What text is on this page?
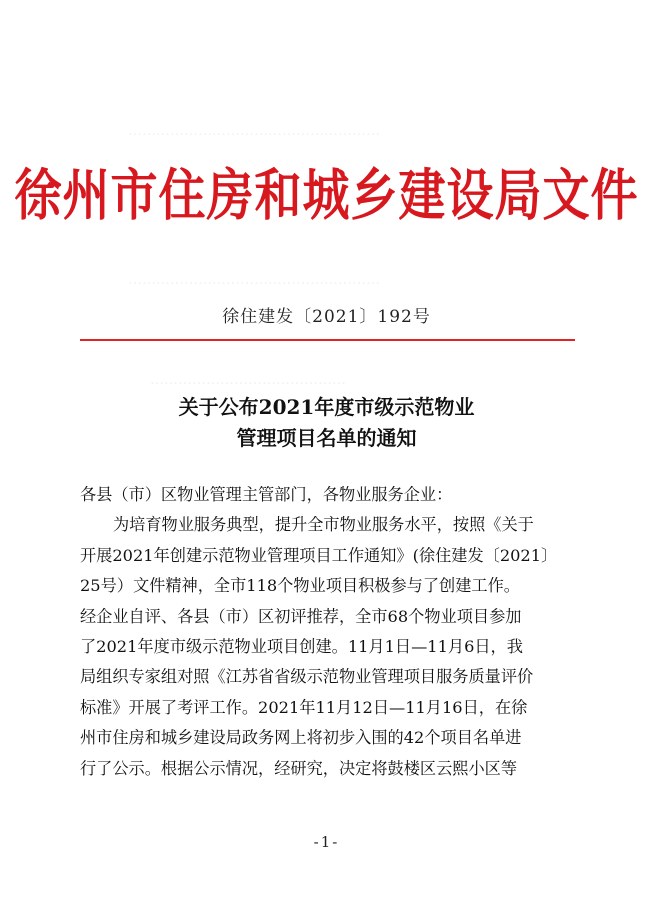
………………………………………………
………………………………………………
……………………………………
徐州市住房和城乡建设局文件
徐住建发〔2021〕192号
关于公布2021年度市级示范物业
管理项目名单的通知

各县（市）区物业管理主管部门，各物业服务企业：

为培育物业服务典型，提升全市物业服务水平，按照《关于

开展2021年创建示范物业管理项目工作通知》(徐住建发〔2021〕

25号）文件精神，全市118个物业项目积极参与了创建工作。

经企业自评、各县（市）区初评推荐，全市68个物业项目参加

了2021年度市级示范物业项目创建。11月1日—11月6日，我

局组织专家组对照《江苏省省级示范物业管理项目服务质量评价

标准》开展了考评工作。2021年11月12日—11月16日，在徐

州市住房和城乡建设局政务网上将初步入围的42个项目名单进

行了公示。根据公示情况，经研究，决定将鼓楼区云熙小区等

-1-
